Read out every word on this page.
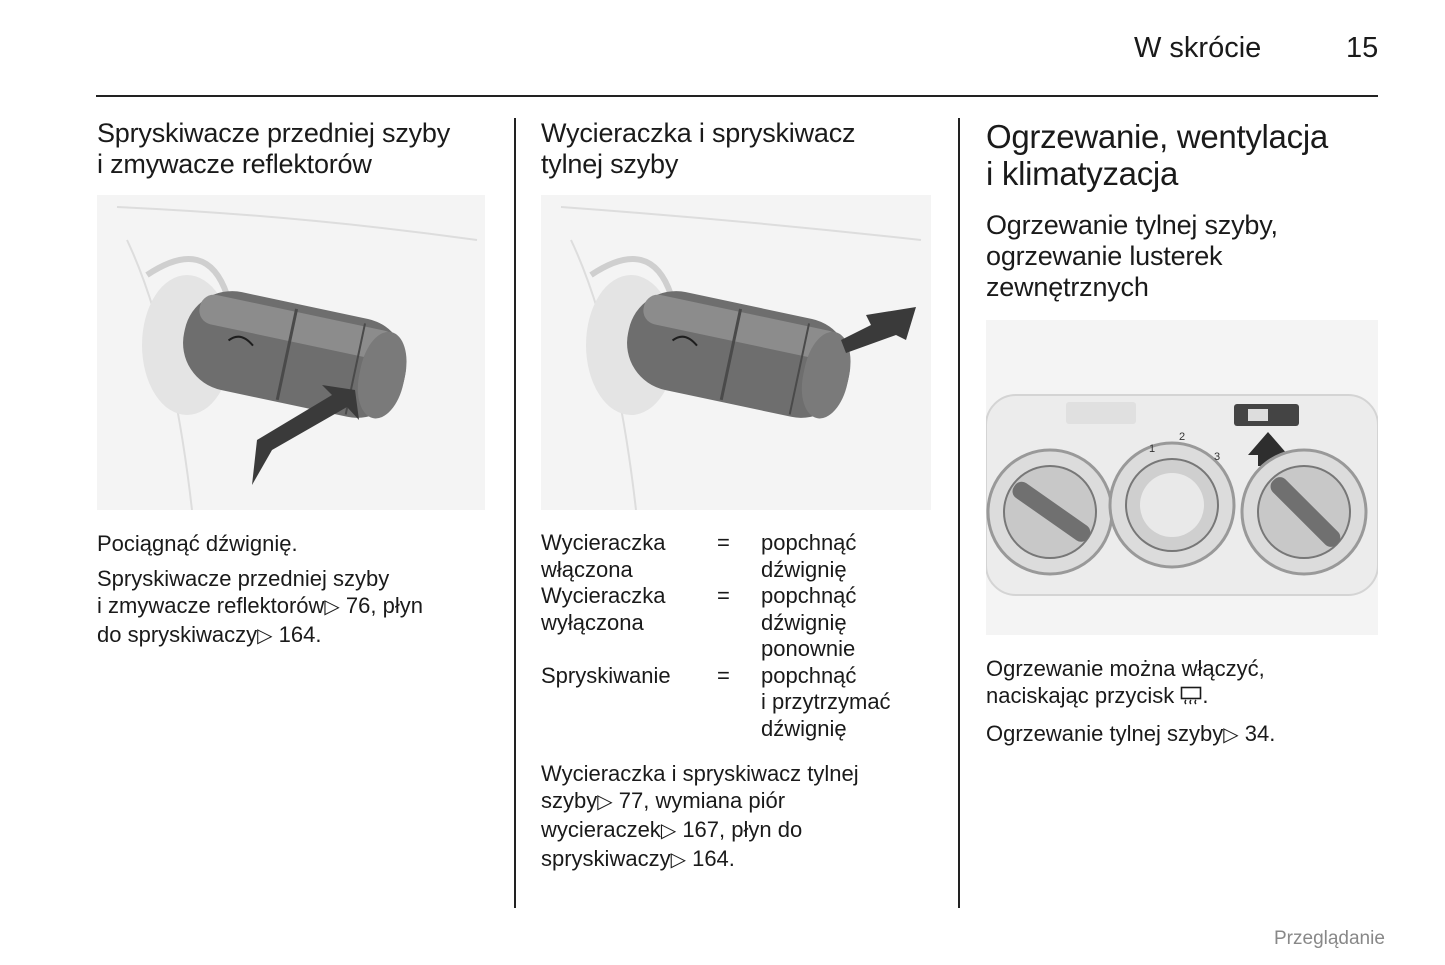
W skrócie	15
Spryskiwacze przedniej szyby
i zmywacze reflektorów

Pociągnąć dźwignię.

Spryskiwacze przedniej szyby
i zmywacze reflektorów▷ 76, płyn
do spryskiwaczy▷ 164.

Wycieraczka i spryskiwacz
tylnej szyby
Wycieraczka
włączona	=	popchnąć
dźwignię
Wycieraczka
wyłączona	=	popchnąć
dźwignię
ponownie
Spryskiwanie	=	popchnąć
i przytrzymać
dźwignię

Wycieraczka i spryskiwacz tylnej
szyby▷ 77, wymiana piór
wycieraczek▷ 167, płyn do
spryskiwaczy▷ 164.

Ogrzewanie, wentylacja
i klimatyzacja
Ogrzewanie tylnej szyby,
ogrzewanie lusterek
zewnętrznych
1
2
3

Ogrzewanie można włączyć,
naciskając przycisk .

Ogrzewanie tylnej szyby▷ 34.

Przeglądanie
